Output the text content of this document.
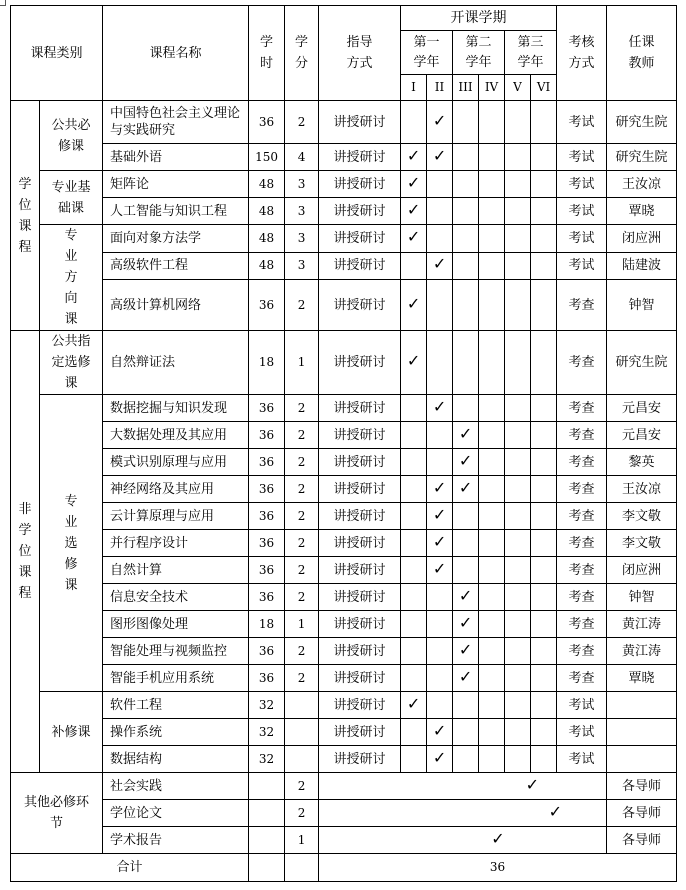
课程类别		课程名称	学时	学分	指导方式	开课学期						考核方式	任课教师
						第一学年		第二学年		第三学年			
						I	II	III	IV	V	VI		
学位课程	公共必修课	中国特色社会主义理论与实践研究	36	2	讲授研讨		✓					考试	研究生院
		基础外语	150	4	讲授研讨	✓	✓					考试	研究生院
	专业基础课	矩阵论	48	3	讲授研讨	✓						考试	王汝凉
		人工智能与知识工程	48	3	讲授研讨	✓						考试	覃晓
	专业方向课	面向对象方法学	48	3	讲授研讨	✓						考试	闭应洲
		高级软件工程	48	3	讲授研讨		✓					考试	陆建波
		高级计算机网络	36	2	讲授研讨	✓						考查	钟智
非学位课程	公共指定选修课	自然辩证法	18	1	讲授研讨	✓						考查	研究生院
	专业选修课	数据挖掘与知识发现	36	2	讲授研讨		✓					考查	元昌安
		大数据处理及其应用	36	2	讲授研讨			✓				考查	元昌安
		模式识别原理与应用	36	2	讲授研讨			✓				考查	黎英
		神经网络及其应用	36	2	讲授研讨		✓	✓				考查	王汝凉
		云计算原理与应用	36	2	讲授研讨		✓					考查	李文敬
		并行程序设计	36	2	讲授研讨		✓					考查	李文敬
		自然计算	36	2	讲授研讨		✓					考查	闭应洲
		信息安全技术	36	2	讲授研讨			✓				考查	钟智
		图形图像处理	18	1	讲授研讨			✓				考查	黄江涛
		智能处理与视频监控	36	2	讲授研讨			✓				考查	黄江涛
		智能手机应用系统	36	2	讲授研讨			✓				考查	覃晓
	补修课	软件工程	32		讲授研讨	✓						考试	
		操作系统	32		讲授研讨		✓					考试	
		数据结构	32		讲授研讨		✓					考试	
其他必修环节		社会实践		2	✓								各导师
		学位论文		2	✓								各导师
		学术报告		1	✓								各导师
合计					36								
